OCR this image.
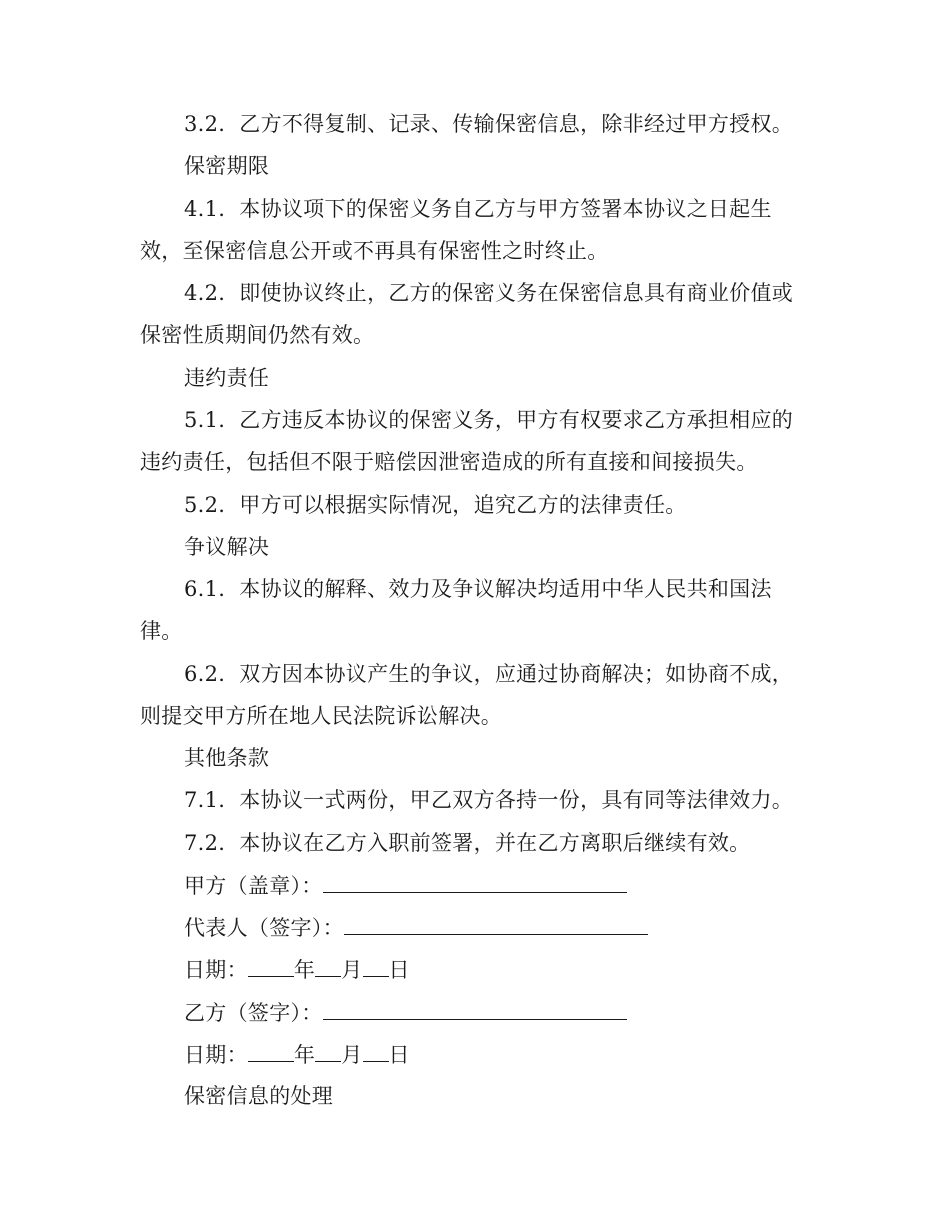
3.2. 乙方不得复制、记录、传输保密信息，除非经过甲方授权。
保密期限
4.1. 本协议项下的保密义务自乙方与甲方签署本协议之日起生
效，至保密信息公开或不再具有保密性之时终止。
4.2. 即使协议终止，乙方的保密义务在保密信息具有商业价值或
保密性质期间仍然有效。
违约责任
5.1. 乙方违反本协议的保密义务，甲方有权要求乙方承担相应的
违约责任，包括但不限于赔偿因泄密造成的所有直接和间接损失。
5.2. 甲方可以根据实际情况，追究乙方的法律责任。
争议解决
6.1. 本协议的解释、效力及争议解决均适用中华人民共和国法
律。
6.2. 双方因本协议产生的争议，应通过协商解决；如协商不成，
则提交甲方所在地人民法院诉讼解决。
其他条款
7.1. 本协议一式两份，甲乙双方各持一份，具有同等法律效力。
7.2. 本协议在乙方入职前签署，并在乙方离职后继续有效。
甲方（盖章）：
代表人（签字）：
日期： 年 月 日
乙方（签字）：
日期： 年 月 日
保密信息的处理
